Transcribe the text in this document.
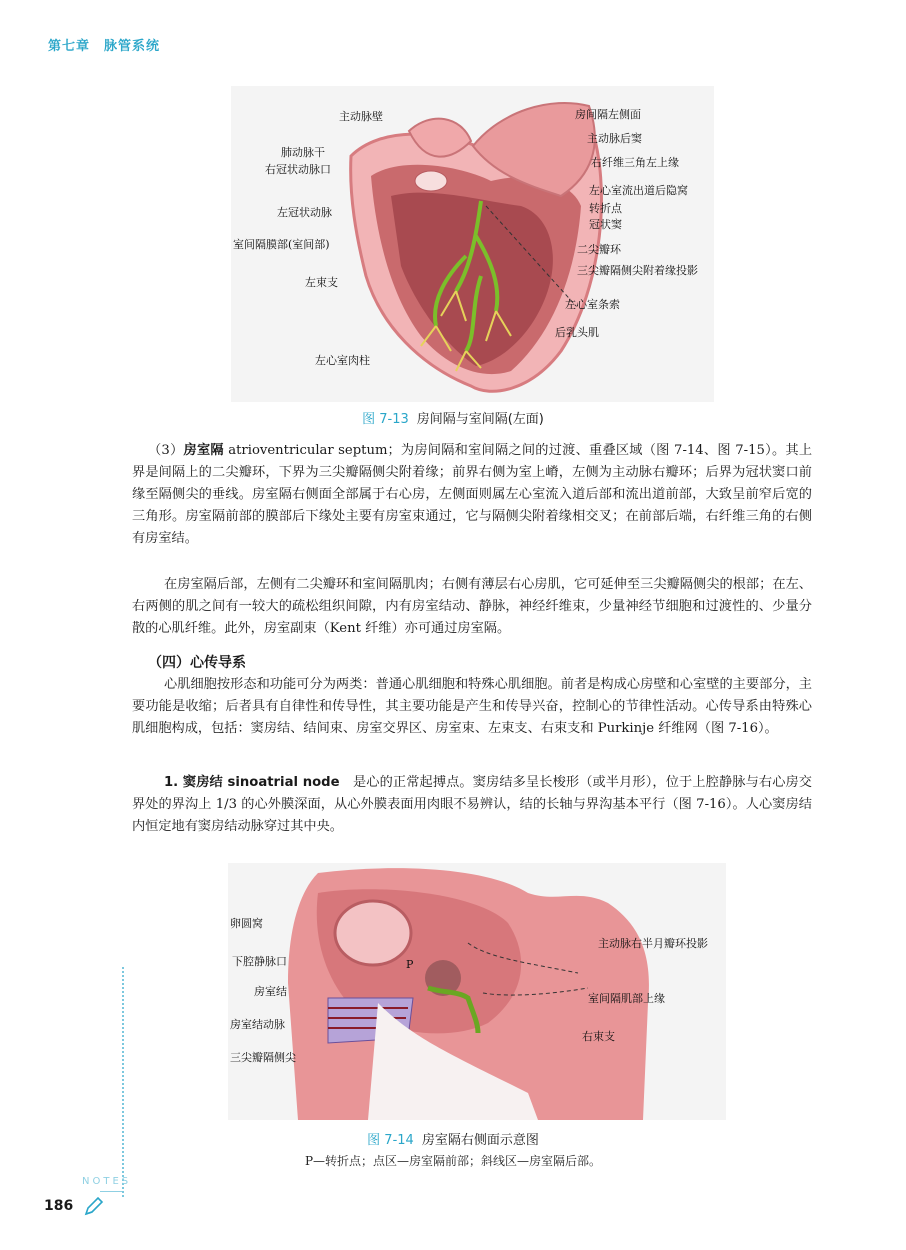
第七章　脉管系统
主动脉壁
肺动脉干
右冠状动脉口
左冠状动脉
室间隔膜部(室间部)
左束支
左心室肉柱
房间隔左侧面
主动脉后窦
右纤维三角左上缘
左心室流出道后隐窝
转折点
冠状窦
二尖瓣环
三尖瓣隔侧尖附着缘投影
左心室条索
后乳头肌
图 7-13 房间隔与室间隔(左面)

（3）房室隔 atrioventricular septum；为房间隔和室间隔之间的过渡、重叠区域（图 7-14、图 7-15）。其上界是间隔上的二尖瓣环，下界为三尖瓣隔侧尖附着缘；前界右侧为室上嵴，左侧为主动脉右瓣环；后界为冠状窦口前缘至隔侧尖的垂线。房室隔右侧面全部属于右心房，左侧面则属左心室流入道后部和流出道前部，大致呈前窄后宽的三角形。房室隔前部的膜部后下缘处主要有房室束通过，它与隔侧尖附着缘相交叉；在前部后端，右纤维三角的右侧有房室结。

在房室隔后部，左侧有二尖瓣环和室间隔肌肉；右侧有薄层右心房肌，它可延伸至三尖瓣隔侧尖的根部；在左、右两侧的肌之间有一较大的疏松组织间隙，内有房室结动、静脉，神经纤维束，少量神经节细胞和过渡性的、少量分散的心肌纤维。此外，房室副束（Kent 纤维）亦可通过房室隔。

（四）心传导系

心肌细胞按形态和功能可分为两类：普通心肌细胞和特殊心肌细胞。前者是构成心房壁和心室壁的主要部分，主要功能是收缩；后者具有自律性和传导性，其主要功能是产生和传导兴奋，控制心的节律性活动。心传导系由特殊心肌细胞构成，包括：窦房结、结间束、房室交界区、房室束、左束支、右束支和 Purkinje 纤维网（图 7-16）。

1. 窦房结 sinoatrial node　是心的正常起搏点。窦房结多呈长梭形（或半月形），位于上腔静脉与右心房交界处的界沟上 1/3 的心外膜深面，从心外膜表面用肉眼不易辨认，结的长轴与界沟基本平行（图 7-16）。人心窦房结内恒定地有窦房结动脉穿过其中央。

卵圆窝
下腔静脉口	P
房室结
房室结动脉
三尖瓣隔侧尖
主动脉右半月瓣环投影
室间隔肌部上缘
右束支
图 7-14 房室隔右侧面示意图
P—转折点；点区—房室隔前部；斜线区—房室隔后部。
NOTES
186
